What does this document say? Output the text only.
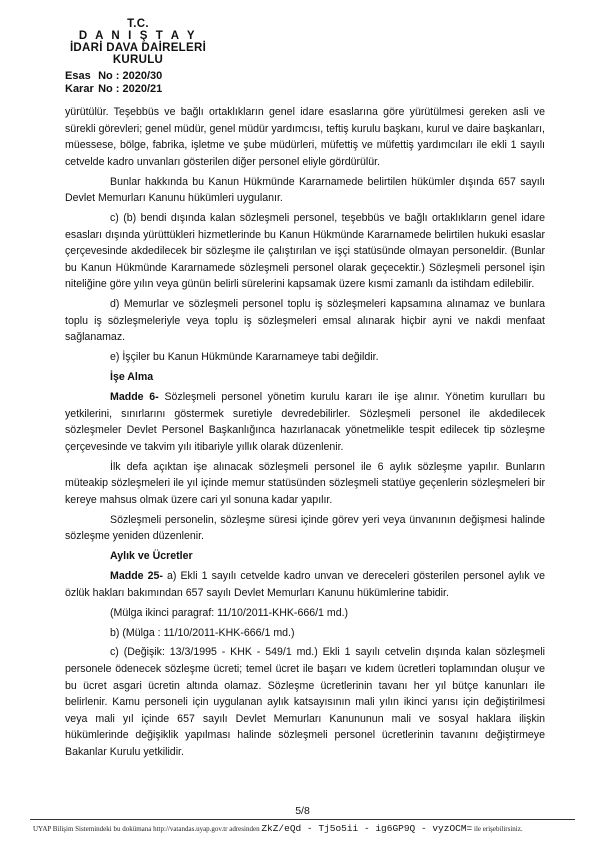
T.C.
D A N I Ş T A Y
İDARİ DAVA DAİRELERİ
KURULU
Esas No : 2020/30
Karar No : 2020/21

yürütülür. Teşebbüs ve bağlı ortaklıkların genel idare esaslarına göre yürütülmesi gereken asli ve sürekli görevleri; genel müdür, genel müdür yardımcısı, teftiş kurulu başkanı, kurul ve daire başkanları, müessese, bölge, fabrika, işletme ve şube müdürleri, müfettiş ve müfettiş yardımcıları ile ekli 1 sayılı cetvelde kadro unvanları gösterilen diğer personel eliyle gördürülür.

Bunlar hakkında bu Kanun Hükmünde Kararnamede belirtilen hükümler dışında 657 sayılı Devlet Memurları Kanunu hükümleri uygulanır.

c) (b) bendi dışında kalan sözleşmeli personel, teşebbüs ve bağlı ortaklıkların genel idare esasları dışında yürüttükleri hizmetlerinde bu Kanun Hükmünde Kararnamede belirtilen hukuki esaslar çerçevesinde akdedilecek bir sözleşme ile çalıştırılan ve işçi statüsünde olmayan personeldir. (Bunlar bu Kanun Hükmünde Kararnamede sözleşmeli personel olarak geçecektir.) Sözleşmeli personel işin niteliğine göre yılın veya günün belirli sürelerini kapsamak üzere kısmi zamanlı da istihdam edilebilir.

d) Memurlar ve sözleşmeli personel toplu iş sözleşmeleri kapsamına alınamaz ve bunlara toplu iş sözleşmeleriyle veya toplu iş sözleşmeleri emsal alınarak hiçbir ayni ve nakdi menfaat sağlanamaz.

e) İşçiler bu Kanun Hükmünde Kararnameye tabi değildir.

İşe Alma

Madde 6- Sözleşmeli personel yönetim kurulu kararı ile işe alınır. Yönetim kurulları bu yetkilerini, sınırlarını göstermek suretiyle devredebilirler. Sözleşmeli personel ile akdedilecek sözleşmeler Devlet Personel Başkanlığınca hazırlanacak yönetmelikle tespit edilecek tip sözleşme çerçevesinde ve takvim yılı itibariyle yıllık olarak düzenlenir.

İlk defa açıktan işe alınacak sözleşmeli personel ile 6 aylık sözleşme yapılır. Bunların müteakip sözleşmeleri ile yıl içinde memur statüsünden sözleşmeli statüye geçenlerin sözleşmeleri bir kereye mahsus olmak üzere cari yıl sonuna kadar yapılır.

Sözleşmeli personelin, sözleşme süresi içinde görev yeri veya ünvanının değişmesi halinde sözleşme yeniden düzenlenir.

Aylık ve Ücretler

Madde 25- a) Ekli 1 sayılı cetvelde kadro unvan ve dereceleri gösterilen personel aylık ve özlük hakları bakımından 657 sayılı Devlet Memurları Kanunu hükümlerine tabidir.

(Mülga ikinci paragraf: 11/10/2011-KHK-666/1 md.)

b) (Mülga : 11/10/2011-KHK-666/1 md.)

c) (Değişik: 13/3/1995 - KHK - 549/1 md.) Ekli 1 sayılı cetvelin dışında kalan sözleşmeli personele ödenecek sözleşme ücreti; temel ücret ile başarı ve kıdem ücretleri toplamından oluşur ve bu ücret asgari ücretin altında olamaz. Sözleşme ücretlerinin tavanı her yıl bütçe kanunları ile belirlenir. Kamu personeli için uygulanan aylık katsayısının mali yılın ikinci yarısı için değiştirilmesi veya mali yıl içinde 657 sayılı Devlet Memurları Kanununun mali ve sosyal haklara ilişkin hükümlerinde değişiklik yapılması halinde sözleşmeli personel ücretlerinin tavanını değiştirmeye Bakanlar Kurulu yetkilidir.

5/8
UYAP Bilişim Sistemindeki bu dokümana http://vatandas.uyap.gov.tr adresinden ZkZ/eQd - Tj5o5ii - ig6GP9Q - vyzOCM= ile erişebilirsiniz.
